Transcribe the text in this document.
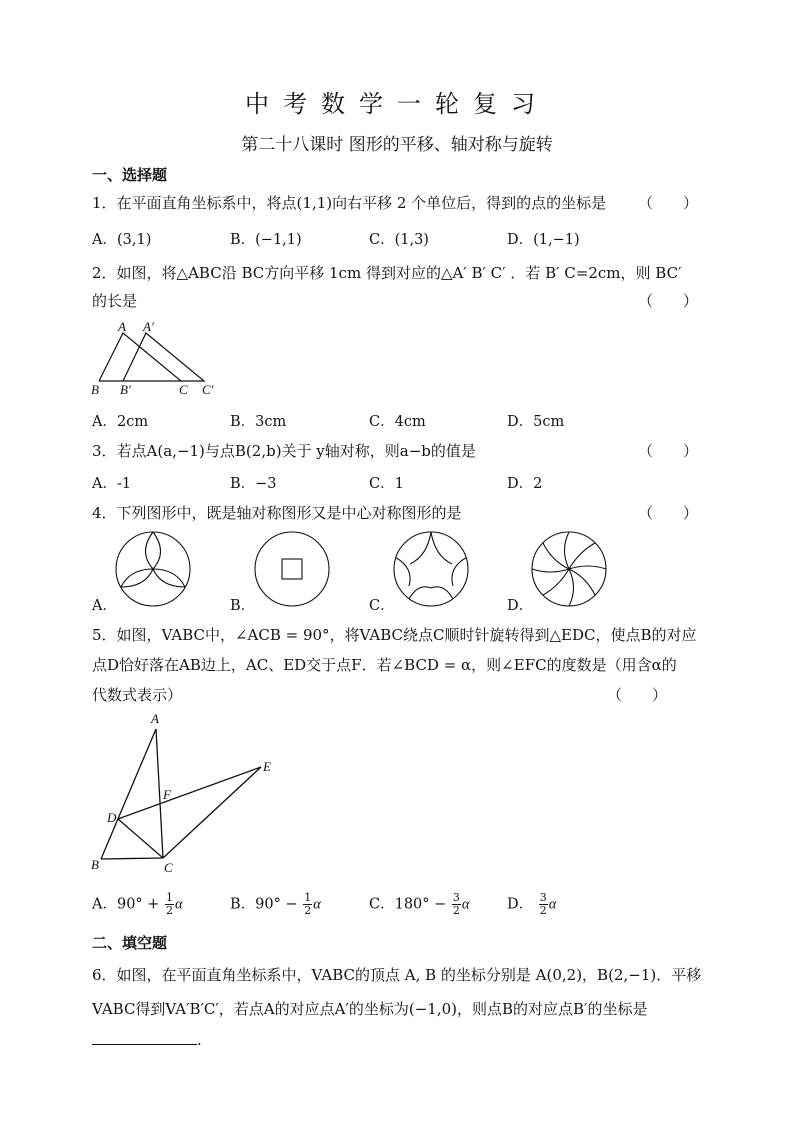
中考数学一轮复习
第二十八课时 图形的平移、轴对称与旋转
一、选择题
1．在平面直角坐标系中，将点(1,1)向右平移 2 个单位后，得到的点的坐标是 （　　）
A．(3,1)	B．(−1,1)	C．(1,3)	D．(1,−1)
2．如图，将△ABC沿 BC方向平移 1cm 得到对应的△A′ B′ C′ ．若 B′ C=2cm，则 BC′
的长是	（　　）
A A′
B B′	C C′
A．2cm	B．3cm	C．4cm	D．5cm
3．若点A(a,−1)与点B(2,b)关于 y轴对称，则a−b的值是	（　　）
A．-1	B．−3	C．1	D．2
4．下列图形中，既是轴对称图形又是中心对称图形的是	（　　）
A．	B．	C．	D．
5．如图，VABC中，∠ACB = 90°，将VABC绕点C顺时针旋转得到△EDC，使点B的对应
点D恰好落在AB边上，AC、ED交于点F．若∠BCD = α，则∠EFC的度数是（用含α的
代数式表示）	（　　）
A
B	C
D
E
F
A．$90^\circ + \frac{1}{2}$ α	B．$90^\circ - \frac{1}{2}$ α	C．$180^\circ - \frac{3}{2}$ α	D． $\frac{3}{2}$ α
二、填空题
6．如图，在平面直角坐标系中，VABC的顶点 A, B 的坐标分别是 A(0,2)，B(2,−1)．平移
VABC得到VA′B′C′，若点A的对应点A′的坐标为(−1,0)，则点B的对应点B′的坐标是
.
